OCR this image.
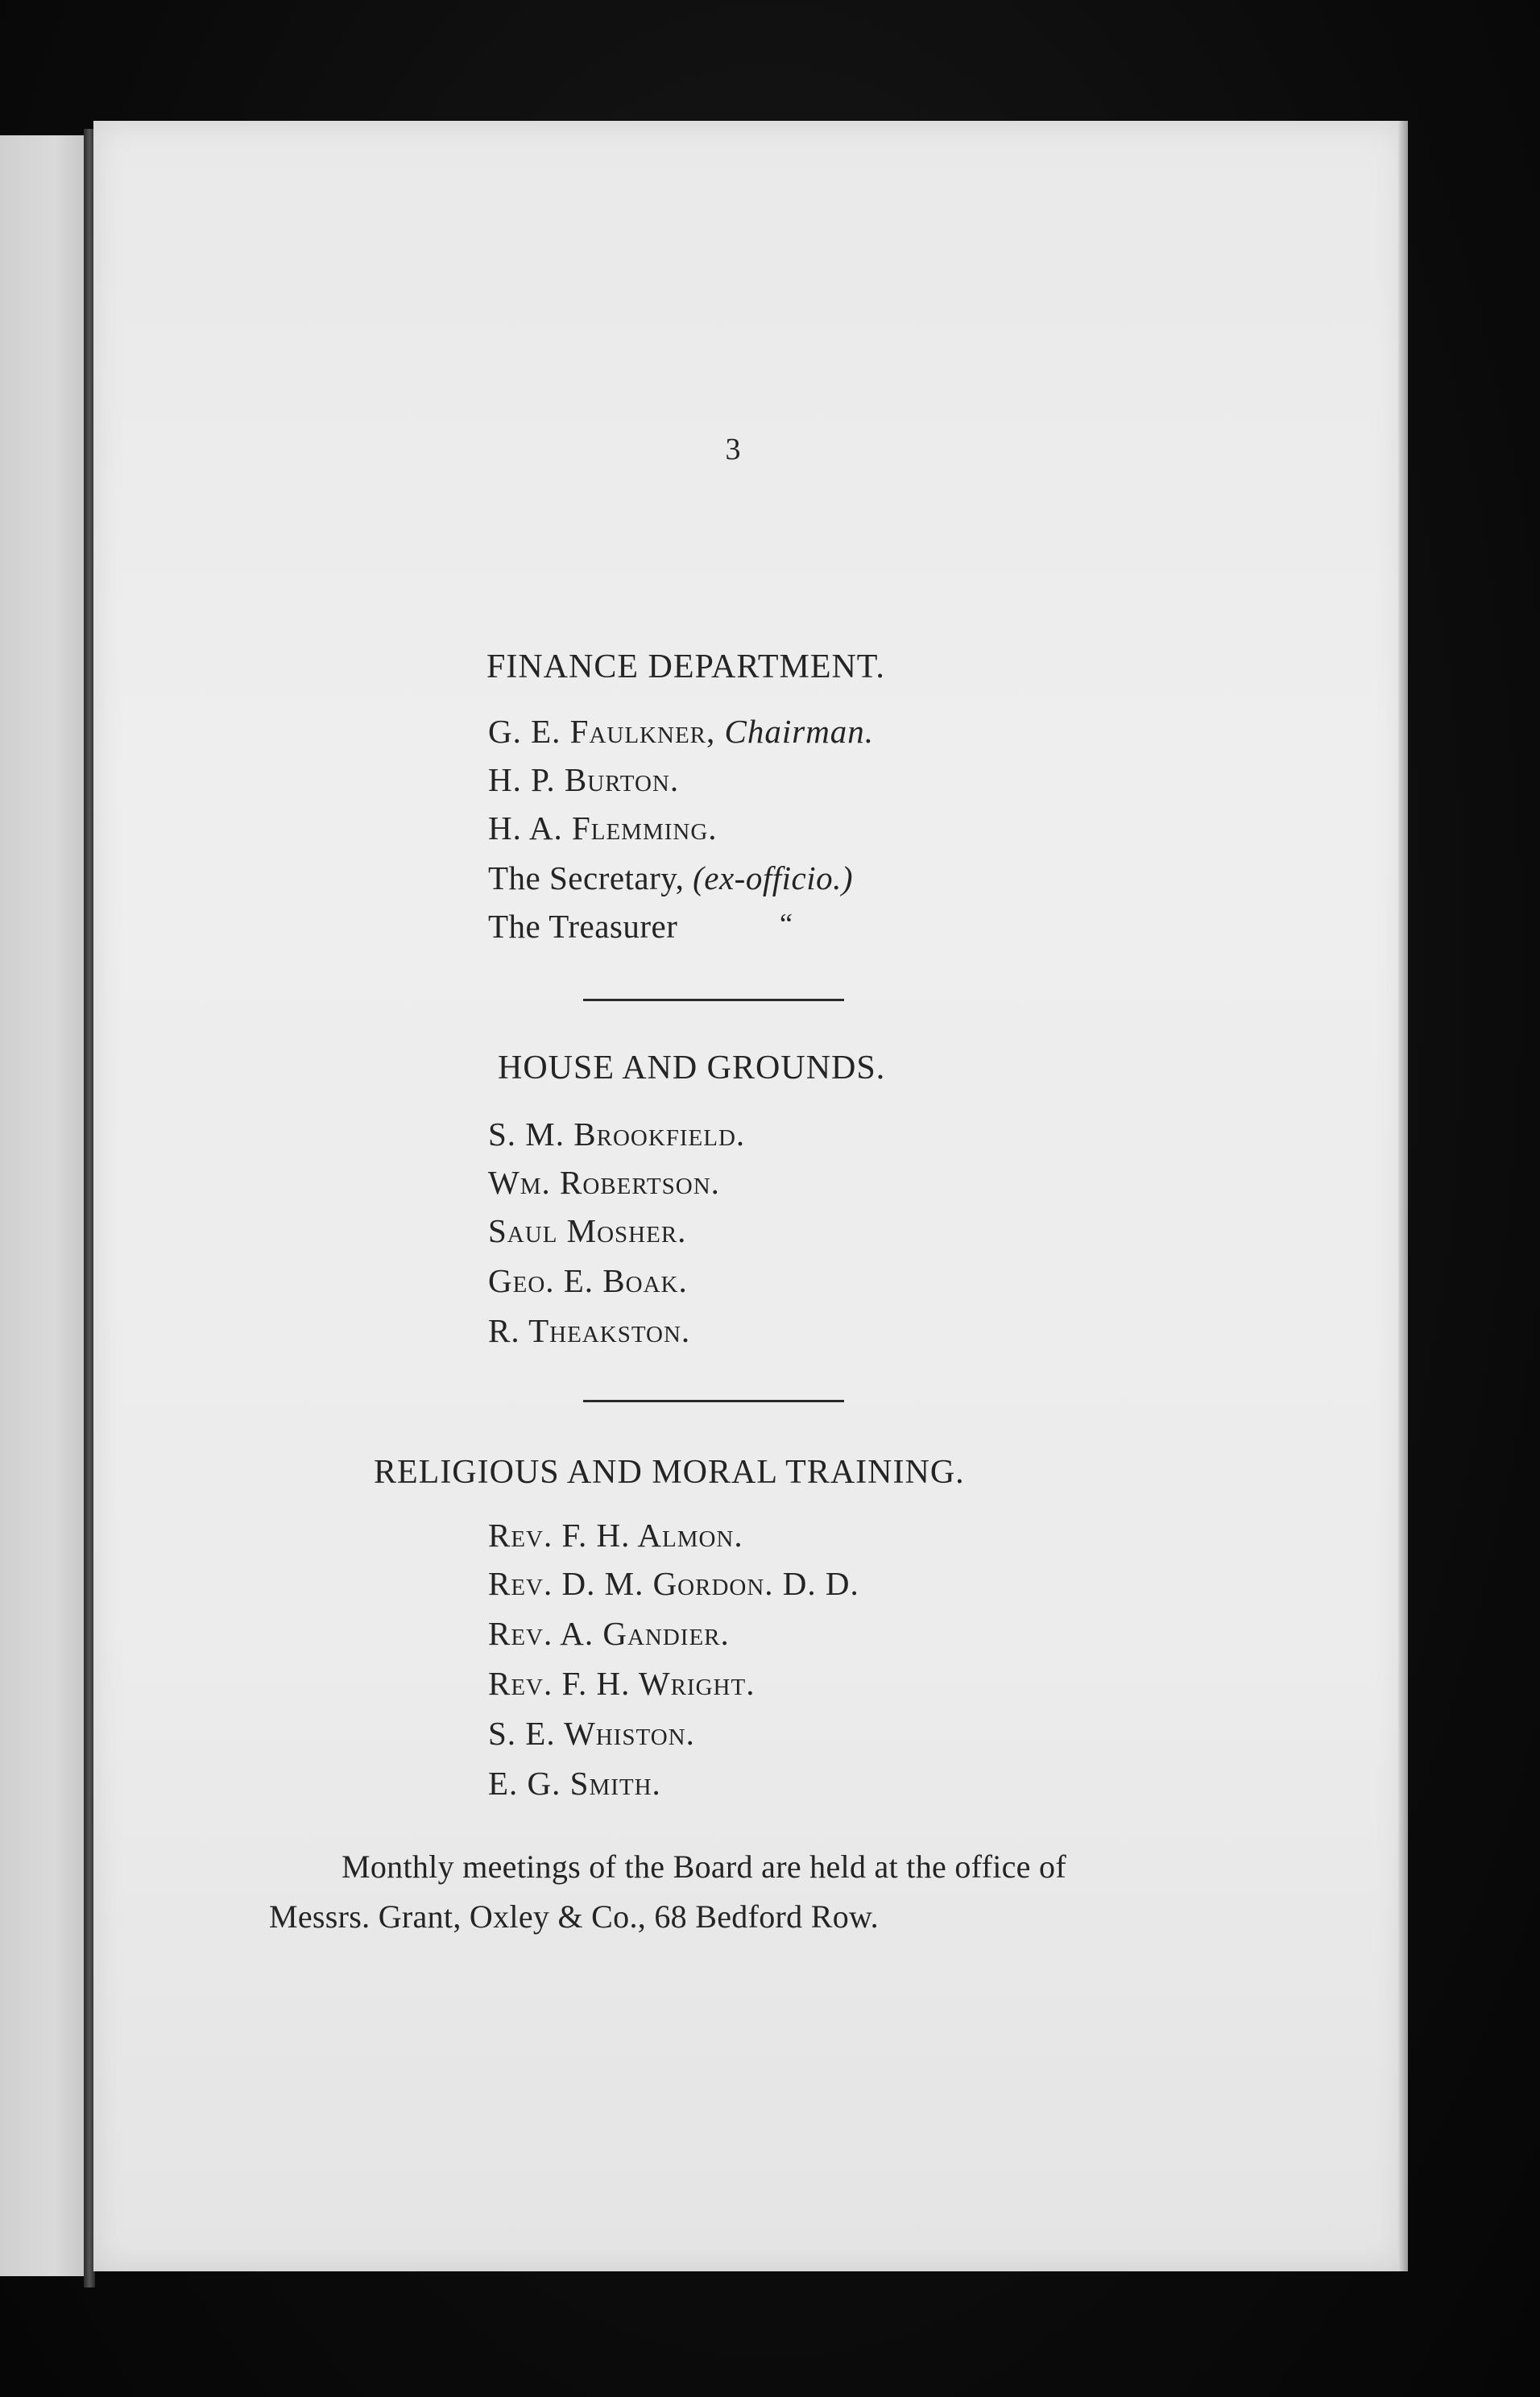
3
FINANCE DEPARTMENT.
G. E. Faulkner, Chairman.
H. P. Burton.
H. A. Flemming.
The Secretary, (ex-officio.)
The Treasurer	“
HOUSE AND GROUNDS.
S. M. Brookfield.
Wm. Robertson.
Saul Mosher.
Geo. E. Boak.
R. Theakston.
RELIGIOUS AND MORAL TRAINING.
Rev. F. H. Almon.
Rev. D. M. Gordon. D. D.
Rev. A. Gandier.
Rev. F. H. Wright.
S. E. Whiston.
E. G. Smith.
Monthly meetings of the Board are held at the office of
Messrs. Grant, Oxley & Co., 68 Bedford Row.
